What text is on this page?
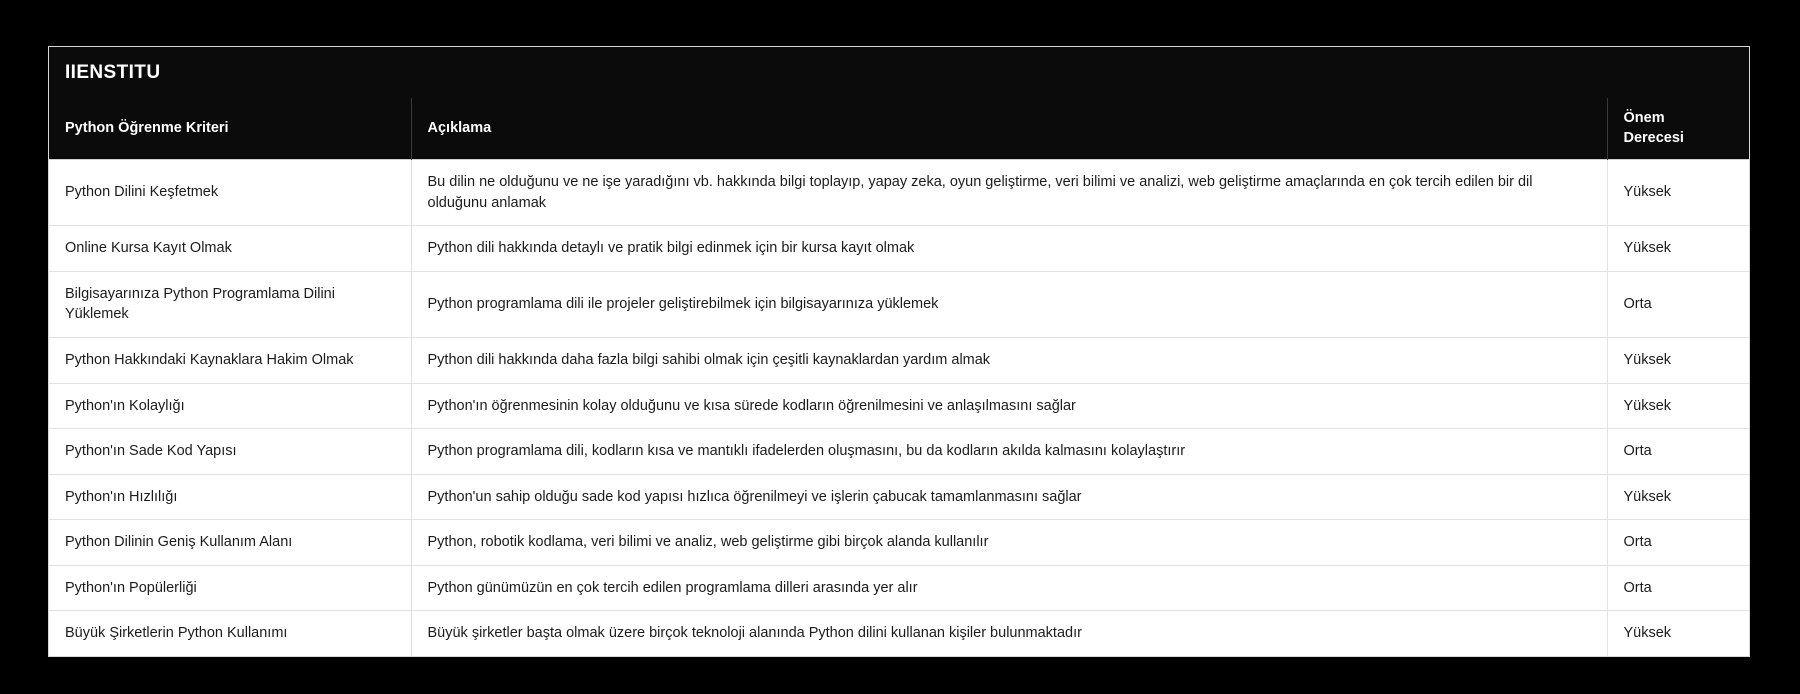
IIENSTITU
Python Öğrenme Kriteri	Açıklama	Önem
Derecesi

Python Dilini Keşfetmek	Bu dilin ne olduğunu ve ne işe yaradığını vb. hakkında bilgi toplayıp, yapay zeka, oyun geliştirme, veri bilimi ve analizi, web geliştirme amaçlarında en çok tercih edilen bir dil olduğunu anlamak	Yüksek
Online Kursa Kayıt Olmak	Python dili hakkında detaylı ve pratik bilgi edinmek için bir kursa kayıt olmak	Yüksek
Bilgisayarınıza Python Programlama Dilini Yüklemek	Python programlama dili ile projeler geliştirebilmek için bilgisayarınıza yüklemek	Orta
Python Hakkındaki Kaynaklara Hakim Olmak	Python dili hakkında daha fazla bilgi sahibi olmak için çeşitli kaynaklardan yardım almak	Yüksek
Python'ın Kolaylığı	Python'ın öğrenmesinin kolay olduğunu ve kısa sürede kodların öğrenilmesini ve anlaşılmasını sağlar	Yüksek
Python'ın Sade Kod Yapısı	Python programlama dili, kodların kısa ve mantıklı ifadelerden oluşmasını, bu da kodların akılda kalmasını kolaylaştırır	Orta
Python'ın Hızlılığı	Python'un sahip olduğu sade kod yapısı hızlıca öğrenilmeyi ve işlerin çabucak tamamlanmasını sağlar	Yüksek
Python Dilinin Geniş Kullanım Alanı	Python, robotik kodlama, veri bilimi ve analiz, web geliştirme gibi birçok alanda kullanılır	Orta
Python'ın Popülerliği	Python günümüzün en çok tercih edilen programlama dilleri arasında yer alır	Orta
Büyük Şirketlerin Python Kullanımı	Büyük şirketler başta olmak üzere birçok teknoloji alanında Python dilini kullanan kişiler bulunmaktadır	Yüksek
